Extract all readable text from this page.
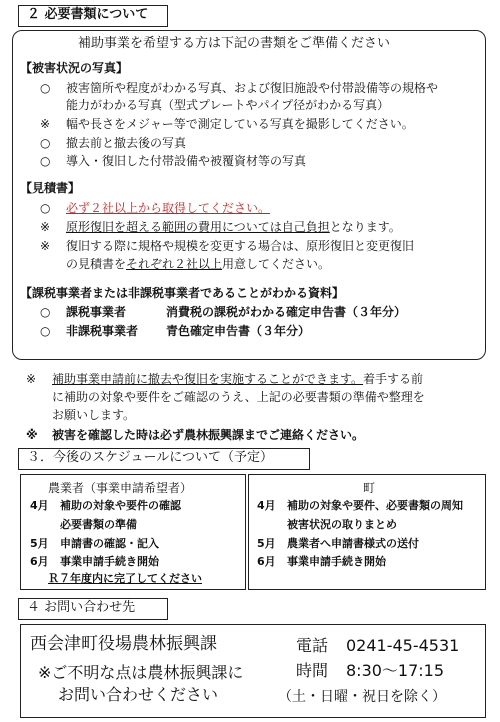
２ 必要書類について
補助事業を希望する方は下記の書類をご準備ください
【被害状況の写真】
○ 被害箇所や程度がわかる写真、および復旧施設や付帯設備等の規格や
能力がわかる写真（型式プレートやパイプ径がわかる写真）
※ 幅や長さをメジャー等で測定している写真を撮影してください。
○ 撤去前と撤去後の写真
○ 導入・復旧した付帯設備や被覆資材等の写真
【見積書】
○ 必ず２社以上から取得してください。
※ 原形復旧を超える範囲の費用については自己負担となります。
※ 復旧する際に規格や規模を変更する場合は、原形復旧と変更復旧
の見積書をそれぞれ２社以上用意してください。
【課税事業者または非課税事業者であることがわかる資料】
○ 課税事業者	消費税の課税がわかる確定申告書（３年分）
○ 非課税事業者 青色確定申告書（３年分）
※ 補助事業申請前に撤去や復旧を実施することができます。着手する前
に補助の対象や要件をご確認のうえ、上記の必要書類の準備や整理を
お願いします。
※ 被害を確認した時は必ず農林振興課までご連絡ください。
３．今後のスケジュールについて（予定）
農業者（事業申請希望者）
4月 補助の対象や要件の確認
必要書類の準備
5月 申請書の確認・記入
6月 事業申請手続き開始
Ｒ７年度内に完了してください
町
4月 補助の対象や要件、必要書類の周知
被害状況の取りまとめ
5月 農業者へ申請書様式の送付
6月 事業申請手続き開始
４ お問い合わせ先
西会津町役場農林振興課
※ご不明な点は農林振興課に
お問い合わせください
電話 0241-45-4531
時間 8:30～17:15
（土・日曜・祝日を除く）
